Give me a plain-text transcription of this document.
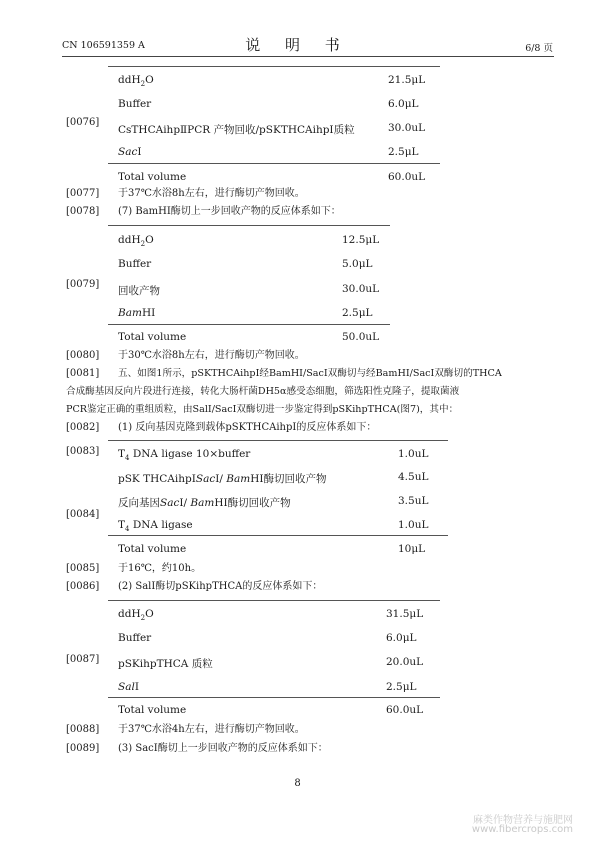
CN 106591359 A	说 明 书	6/8 页
ddH$_2$O	21.5μL
Buffer	6.0μL
CsTHCAihpⅡPCR 产物回收/pSKTHCAihpⅠ质粒	30.0uL
SacⅠ	2.5μL
Total volume	60.0uL
[0076]
[0077] 于37℃水浴8h左右，进行酶切产物回收。
[0078] (7) BamHⅠ酶切上一步回收产物的反应体系如下：
ddH$_2$O	12.5μL
Buffer	5.0μL
回收产物	30.0uL
BamHⅠ	2.5μL
Total volume	50.0uL
[0079]
[0080] 于30℃水浴8h左右，进行酶切产物回收。
[0081] 五、如图1所示，pSKTHCAihpⅠ经BamHⅠ/SacⅠ双酶切与经BamHⅠ/SacⅠ双酶切的THCA
合成酶基因反向片段进行连接，转化大肠杆菌DH5α感受态细胞，筛选阳性克隆子，提取菌液
PCR鉴定正确的重组质粒，由SalⅠ/SacⅠ双酶切进一步鉴定得到pSKihpTHCA(图7)，其中：
[0082] (1) 反向基因克隆到载体pSKTHCAihpⅠ的反应体系如下：
$T_4$ DNA ligase 10×buffer	1.0uL
pSK THCAihpⅠSacⅠ/ BamHⅠ酶切回收产物	4.5uL
反向基因SacⅠ/ BamHⅠ酶切回收产物	3.5uL
$T_4$ DNA ligase	1.0uL
Total volume	10μL
[0083]
[0084]
[0085] 于16℃，约10h。
[0086] (2) SalⅠ酶切pSKihpTHCA的反应体系如下：
ddH$_2$O	31.5μL
Buffer	6.0μL
pSKihpTHCA 质粒	20.0uL
SalⅠ	2.5μL
Total volume	60.0uL
[0087]
[0088] 于37℃水浴4h左右，进行酶切产物回收。
[0089] (3) SacⅠ酶切上一步回收产物的反应体系如下：
8
麻类作物营养与施肥网
www.fibercrops.com
